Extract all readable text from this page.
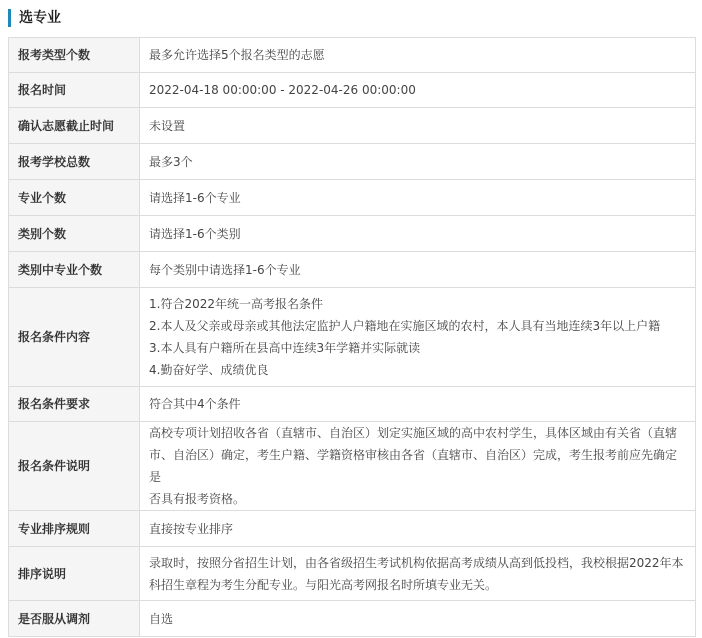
选专业
报考类型个数	最多允许选择5个报名类型的志愿

报名时间	2022-04-18 00:00:00 - 2022-04-26 00:00:00

确认志愿截止时间	未设置

报考学校总数	最多3个

专业个数	请选择1-6个专业

类别个数	请选择1-6个类别

类别中专业个数	每个类别中请选择1-6个专业

报名条件内容	1.符合2022年统一高考报名条件
2.本人及父亲或母亲或其他法定监护人户籍地在实施区域的农村，本人具有当地连续3年以上户籍
3.本人具有户籍所在县高中连续3年学籍并实际就读
4.勤奋好学、成绩优良

报名条件要求	符合其中4个条件

报名条件说明	高校专项计划招收各省（直辖市、自治区）划定实施区域的高中农村学生，具体区域由有关省（直辖
市、自治区）确定，考生户籍、学籍资格审核由各省（直辖市、自治区）完成，考生报考前应先确定是
否具有报考资格。

专业排序规则	直接按专业排序

排序说明	录取时，按照分省招生计划，由各省级招生考试机构依据高考成绩从高到低投档，我校根据2022年本
科招生章程为考生分配专业。与阳光高考网报名时所填专业无关。

是否服从调剂	自选
